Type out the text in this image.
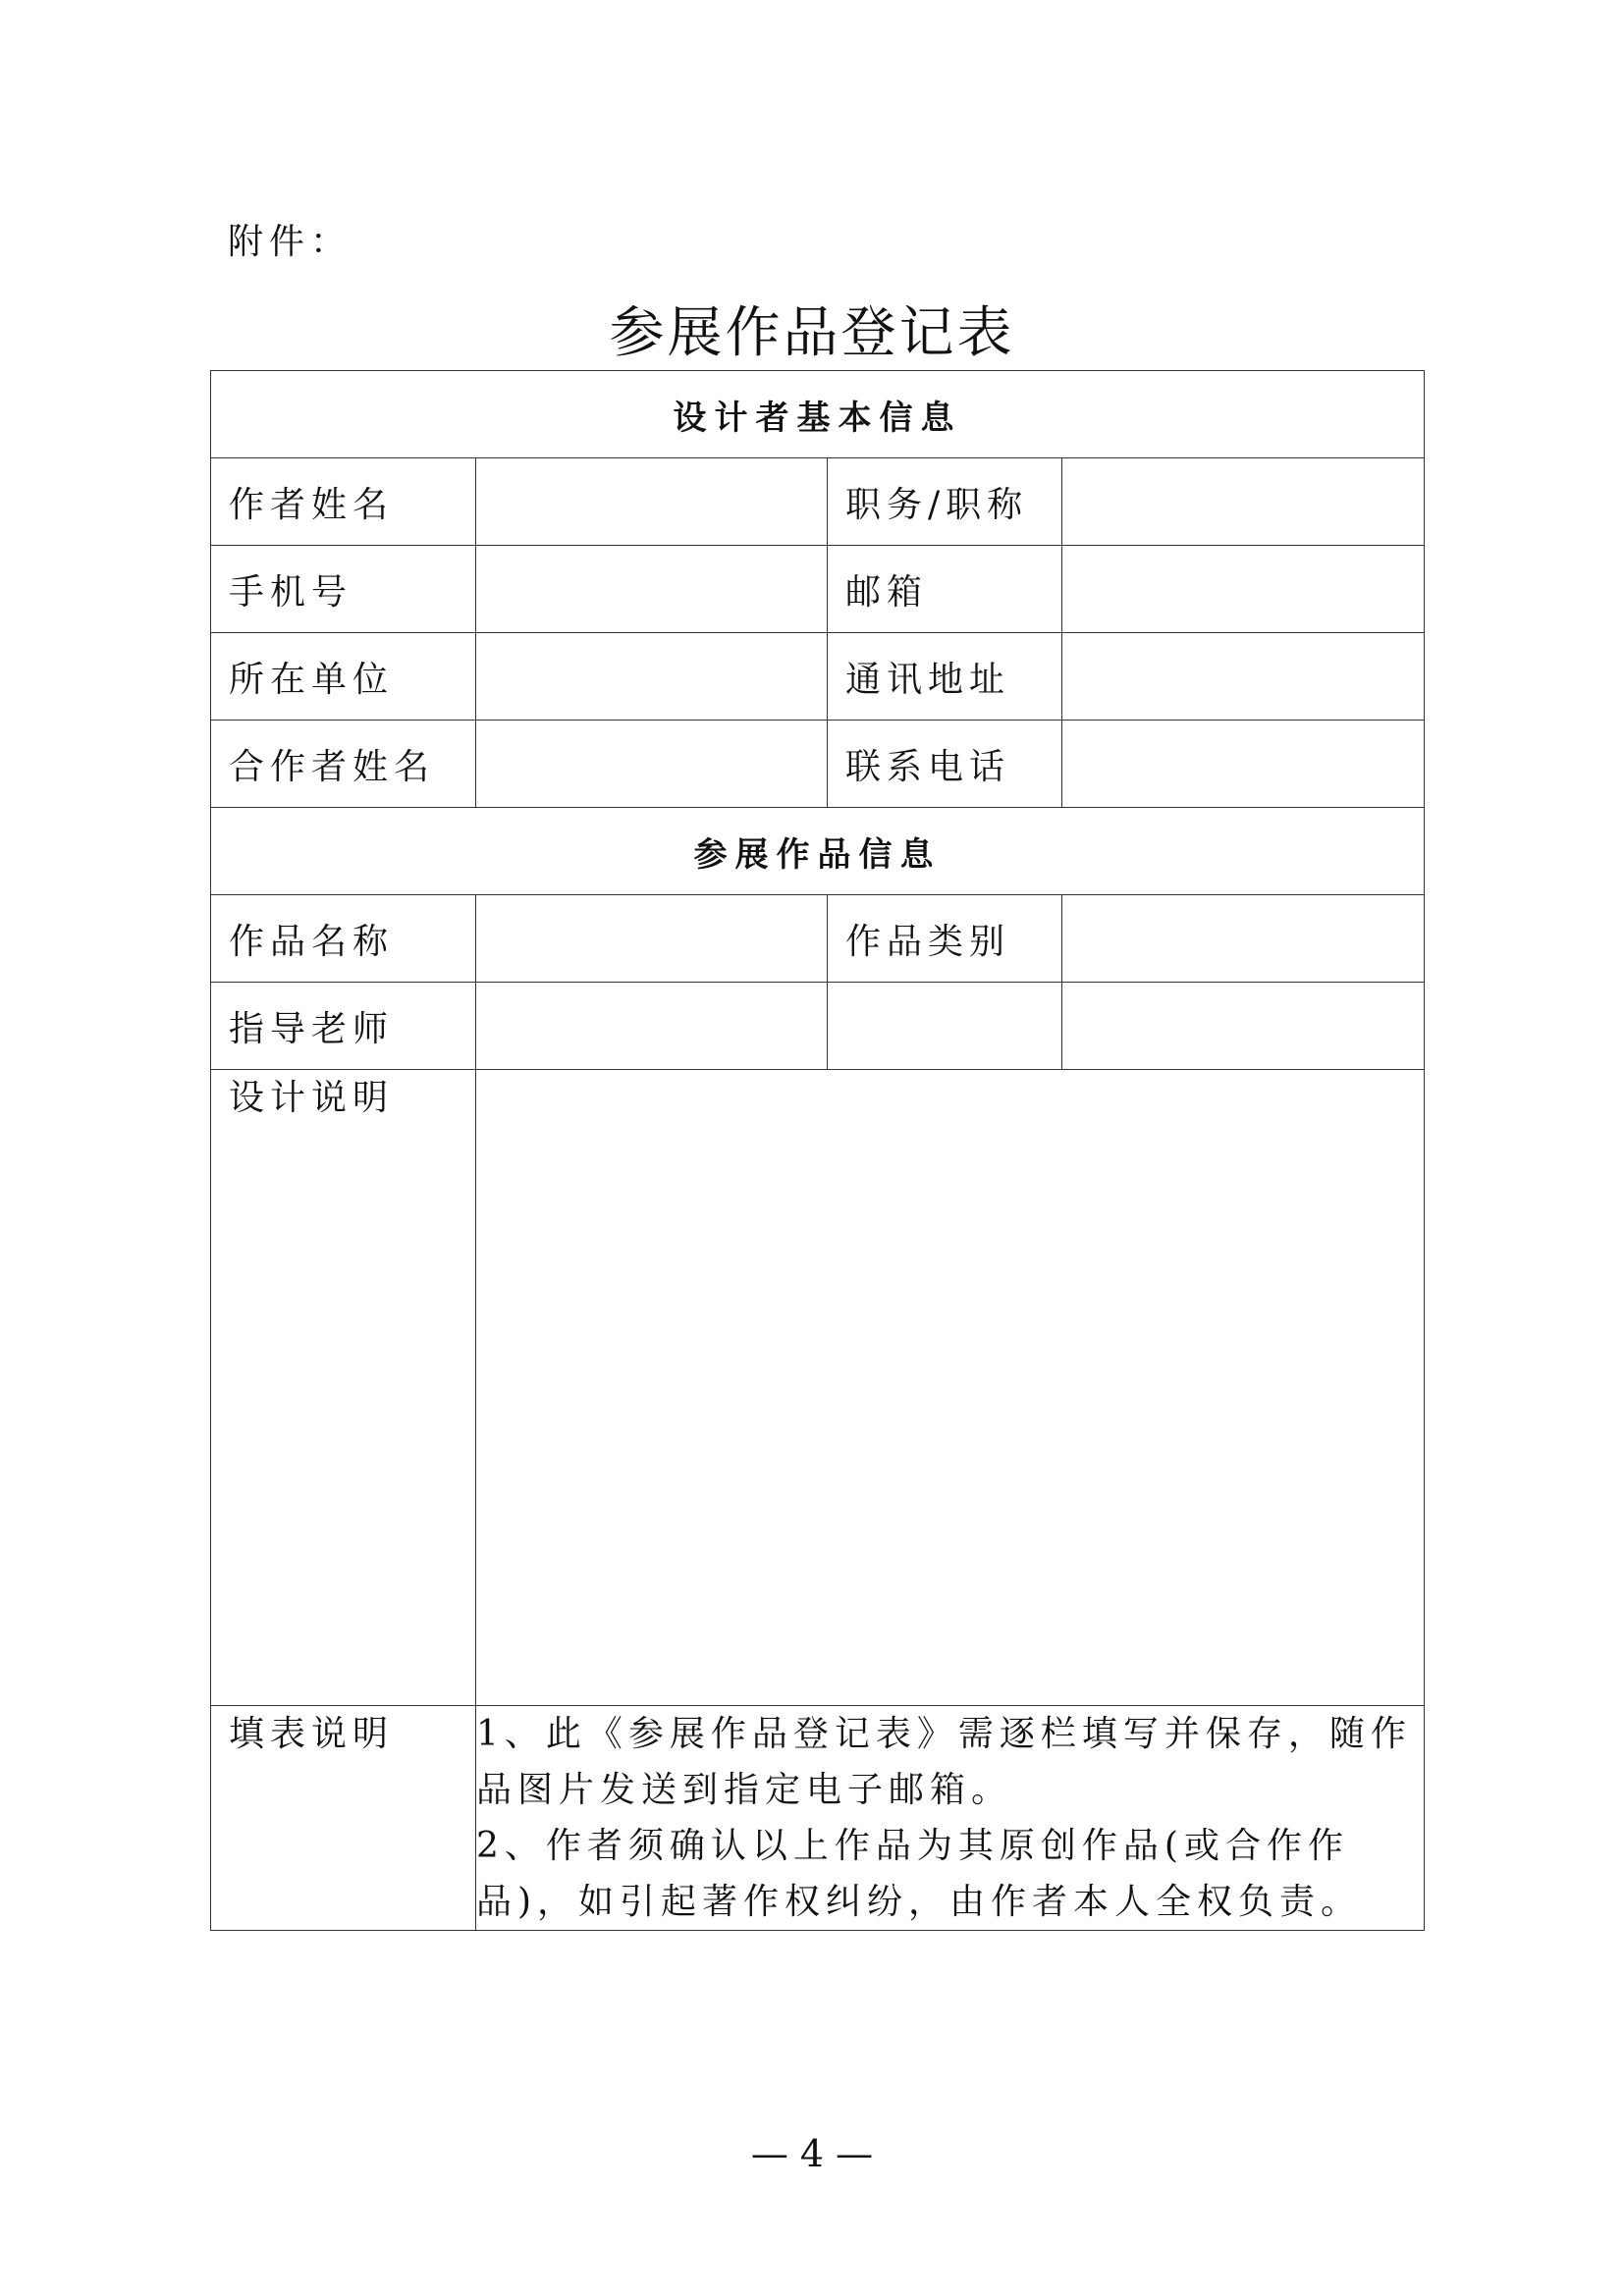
附件：
参展作品登记表
设计者基本信息			
作者姓名		职务/职称	
手机号		邮箱	
所在单位		通讯地址	
合作者姓名		联系电话	
参展作品信息			
作品名称		作品类别	
指导老师			
设计说明			
填表说明	1、此《参展作品登记表》需逐栏填写并保存，随作品图片发送到指定电子邮箱。

2、作者须确认以上作品为其原创作品(或合作作品)，如引起著作权纠纷，由作者本人全权负责。		

— 4 —
